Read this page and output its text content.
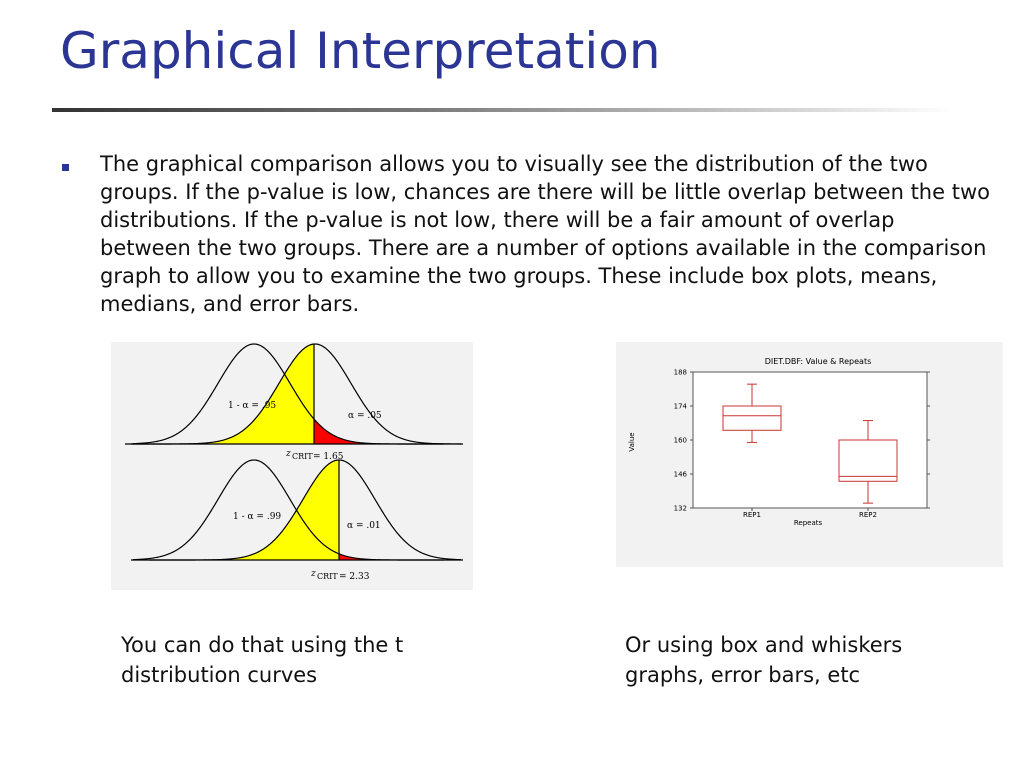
Graphical Interpretation
The graphical comparison allows you to visually see the distribution of the two groups. If the p-value is low, chances are there will be little overlap between the two distributions. If the p-value is not low, there will be a fair amount of overlap between the two groups. There are a number of options available in the comparison graph to allow you to examine the two groups. These include box plots, means, medians, and error bars.
1 - α = .95
α = .05
z CRIT = 1.65
1 - α = .99
α = .01
z CRIT = 2.33
DIET.DBF: Value & Repeats
Value
Repeats
132
146
160
174
188
REP1	REP2
You can do that using the t distribution curves
Or using box and whiskers graphs, error bars, etc
